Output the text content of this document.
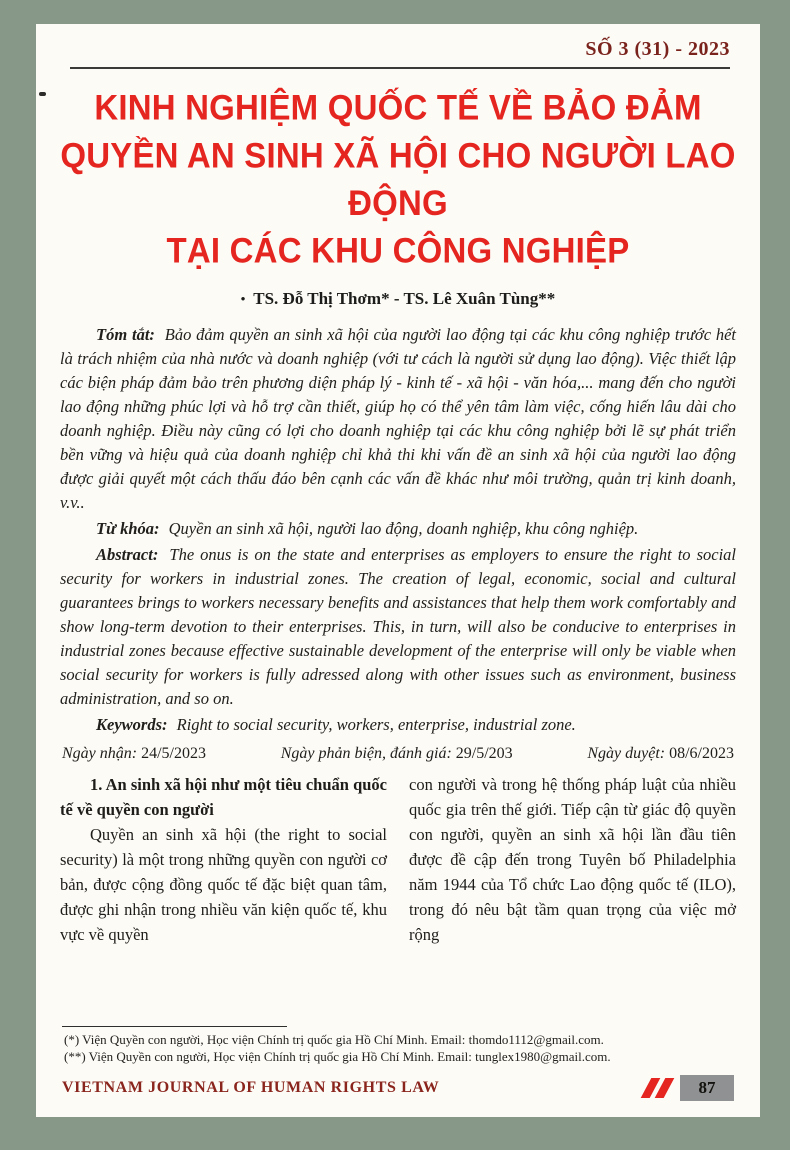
SỐ 3 (31) - 2023
KINH NGHIỆM QUỐC TẾ VỀ BẢO ĐẢM
QUYỀN AN SINH XÃ HỘI CHO NGƯỜI LAO ĐỘNG
TẠI CÁC KHU CÔNG NGHIỆP
• TS. Đỗ Thị Thơm* - TS. Lê Xuân Tùng**

Tóm tắt: Bảo đảm quyền an sinh xã hội của người lao động tại các khu công nghiệp trước hết là trách nhiệm của nhà nước và doanh nghiệp (với tư cách là người sử dụng lao động). Việc thiết lập các biện pháp đảm bảo trên phương diện pháp lý - kinh tế - xã hội - văn hóa,... mang đến cho người lao động những phúc lợi và hỗ trợ cần thiết, giúp họ có thể yên tâm làm việc, cống hiến lâu dài cho doanh nghiệp. Điều này cũng có lợi cho doanh nghiệp tại các khu công nghiệp bởi lẽ sự phát triển bền vững và hiệu quả của doanh nghiệp chỉ khả thi khi vấn đề an sinh xã hội của người lao động được giải quyết một cách thấu đáo bên cạnh các vấn đề khác như môi trường, quản trị kinh doanh, v.v..

Từ khóa: Quyền an sinh xã hội, người lao động, doanh nghiệp, khu công nghiệp.

Abstract: The onus is on the state and enterprises as employers to ensure the right to social security for workers in industrial zones. The creation of legal, economic, social and cultural guarantees brings to workers necessary benefits and assistances that help them work comfortably and show long-term devotion to their enterprises. This, in turn, will also be conducive to enterprises in industrial zones because effective sustainable development of the enterprise will only be viable when social security for workers is fully adressed along with other issues such as environment, business administration, and so on.

Keywords: Right to social security, workers, enterprise, industrial zone.

Ngày nhận: 24/5/2023	Ngày phản biện, đánh giá: 29/5/203	Ngày duyệt: 08/6/2023

1. An sinh xã hội như một tiêu chuẩn quốc tế về quyền con người

Quyền an sinh xã hội (the right to social security) là một trong những quyền con người cơ bản, được cộng đồng quốc tế đặc biệt quan tâm, được ghi nhận trong nhiều văn kiện quốc tế, khu vực về quyền

con người và trong hệ thống pháp luật của nhiều quốc gia trên thế giới. Tiếp cận từ giác độ quyền con người, quyền an sinh xã hội lần đầu tiên được đề cập đến trong Tuyên bố Philadelphia năm 1944 của Tổ chức Lao động quốc tế (ILO), trong đó nêu bật tầm quan trọng của việc mở rộng

(*) Viện Quyền con người, Học viện Chính trị quốc gia Hồ Chí Minh. Email: thomdo1112@gmail.com.

(**) Viện Quyền con người, Học viện Chính trị quốc gia Hồ Chí Minh. Email: tunglex1980@gmail.com.

VIETNAM JOURNAL OF HUMAN RIGHTS LAW	87
